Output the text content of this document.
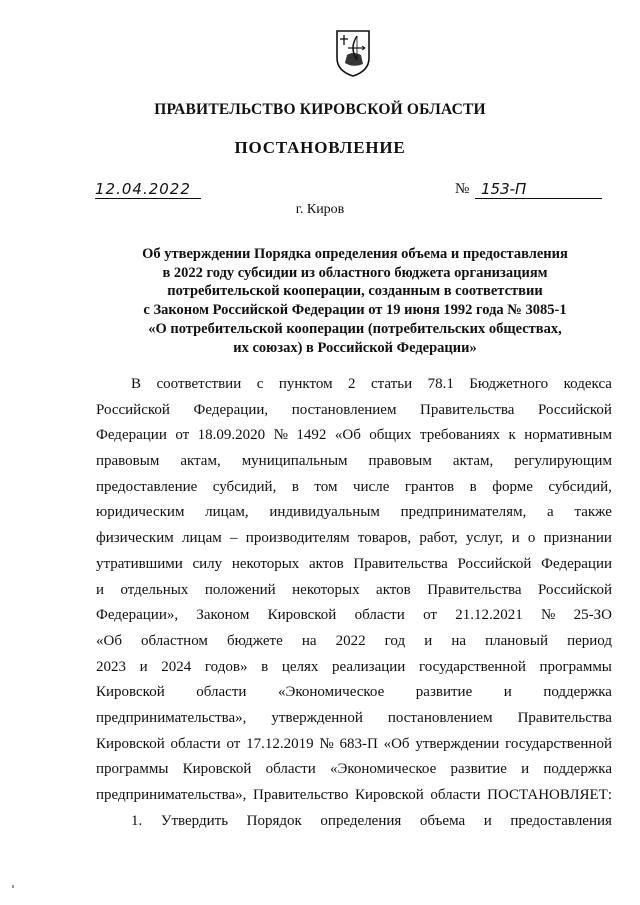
ПРАВИТЕЛЬСТВО КИРОВСКОЙ ОБЛАСТИ
ПОСТАНОВЛЕНИЕ
12.04.2022	№ 153-П
г. Киров
Об утверждении Порядка определения объема и предоставления
в 2022 году субсидии из областного бюджета организациям
потребительской кооперации, созданным в соответствии
с Законом Российской Федерации от 19 июня 1992 года № 3085-1
«О потребительской кооперации (потребительских обществах,
их союзах) в Российской Федерации»
В соответствии с пунктом 2 статьи 78.1 Бюджетного кодекса
Российской Федерации, постановлением Правительства Российской
Федерации от 18.09.2020 № 1492 «Об общих требованиях к нормативным
правовым актам, муниципальным правовым актам, регулирующим
предоставление субсидий, в том числе грантов в форме субсидий,
юридическим лицам, индивидуальным предпринимателям, а также
физическим лицам – производителям товаров, работ, услуг, и о признании
утратившими силу некоторых актов Правительства Российской Федерации
и отдельных положений некоторых актов Правительства Российской
Федерации», Законом Кировской области от 21.12.2021 № 25-ЗО
«Об областном бюджете на 2022 год и на плановый период
2023 и 2024 годов» в целях реализации государственной программы
Кировской области «Экономическое развитие и поддержка
предпринимательства», утвержденной постановлением Правительства
Кировской области от 17.12.2019 № 683-П «Об утверждении государственной
программы Кировской области «Экономическое развитие и поддержка
предпринимательства», Правительство Кировской области ПОСТАНОВЛЯЕТ:
1. Утвердить Порядок определения объема и предоставления
